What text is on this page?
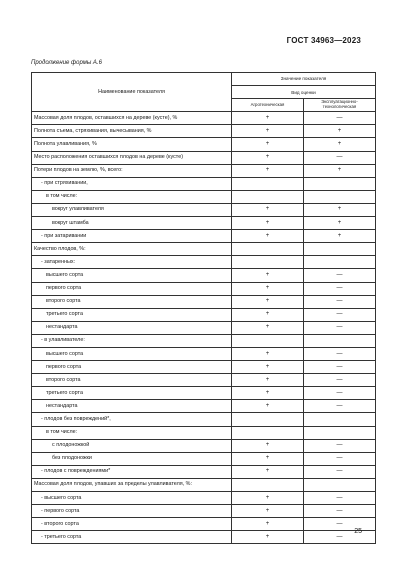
ГОСТ 34963—2023
Продолжение формы А.6
Наименование показателя	Значение показателя	
	Вид оценки	
	Агротехническая	Эксплуатационно-технологическая
Массовая доля плодов, оставшихся на дереве (кусте), %	+	—
Полнота съема, стряхивания, вычесывания, %	+	+
Полнота улавливания, %	+	+
Место расположения оставшихся плодов на дереве (кусте)	+	—
Потери плодов на землю, %, всего:	+	+
- при стряхивании,		
в том числе:		
вокруг улавливателя	+	+
вокруг штамба	+	+
- при затаривании	+	+
Качество плодов, %:		
- затаренных:		
высшего сорта	+	—
первого сорта	+	—
второго сорта	+	—
третьего сорта	+	—
нестандарта	+	—
- в улавливателе:		
высшего сорта	+	—
первого сорта	+	—
второго сорта	+	—
третьего сорта	+	—
нестандарта	+	—
- плодов без повреждений*,		
в том числе:		
с плодоножкой	+	—
без плодоножки	+	—
- плодов с повреждениями*	+	—
Массовая доля плодов, упавших за пределы улавливателя, %:		
- высшего сорта	+	—
- первого сорта	+	—
- второго сорта	+	—
- третьего сорта	+	—
25
